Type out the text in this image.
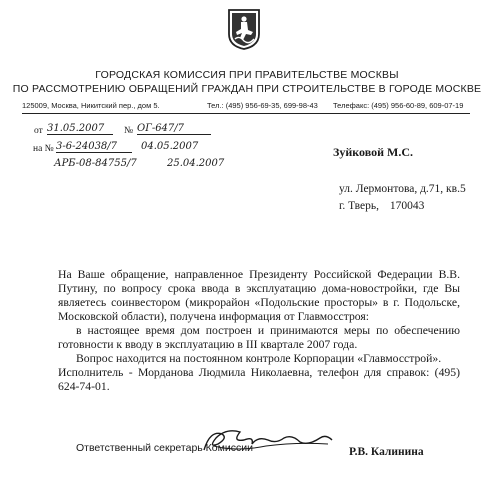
ГОРОДСКАЯ КОМИССИЯ ПРИ ПРАВИТЕЛЬСТВЕ МОСКВЫ
ПО РАССМОТРЕНИЮ ОБРАЩЕНИЙ ГРАЖДАН ПРИ СТРОИТЕЛЬСТВЕ В ГОРОДЕ МОСКВЕ
125009, Москва, Никитский пер., дом 5.	Тел.: (495) 956-69-35, 699-98-43 Телефакс: (495) 956-60-89, 609-07-19
от 31.05.2007	№ ОГ-647/7
на № 3-6-24038/7	04.05.2007
АРБ-08-84755/7	25.04.2007
Зуйковой М.С.
ул. Лермонтова, д.71, кв.5
г. Тверь, 170043

На Ваше обращение, направленное Президенту Российской Федерации В.В. Путину, по вопросу срока ввода в эксплуатацию дома-новостройки, где Вы являетесь соинвестором (микрорайон «Подольские просторы» в г. Подольске, Московской области), получена информация от Главмосстроя:

в настоящее время дом построен и принимаются меры по обеспечению готовности к вводу в эксплуатацию в III квартале 2007 года.

Вопрос находится на постоянном контроле Корпорации «Главмосстрой».

Исполнитель - Морданова Людмила Николаевна, телефон для справок: (495) 624-74-01.

Ответственный секретарь Комиссии	Р.В. Калинина
